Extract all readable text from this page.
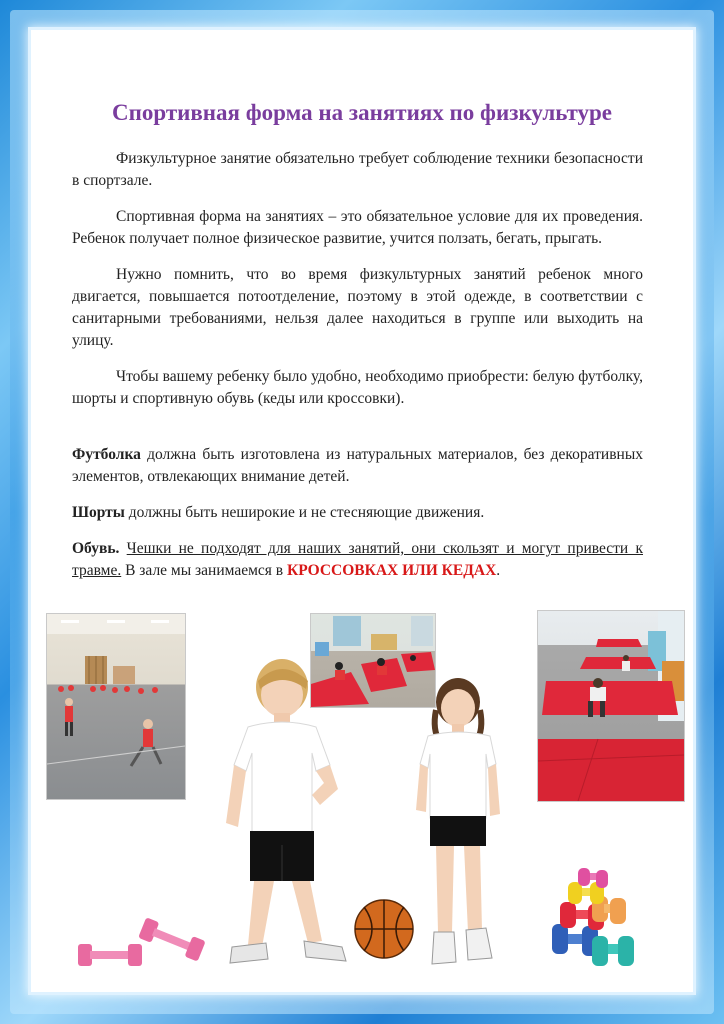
Спортивная форма на занятиях по физкультуре

Физкультурное занятие обязательно требует соблюдение техники безопасности в спортзале.

Спортивная форма на занятиях – это обязательное условие для их проведения. Ребенок получает полное физическое развитие, учится ползать, бегать, прыгать.

Нужно помнить, что во время физкультурных занятий ребенок много двигается, повышается потоотделение, поэтому в этой одежде, в соответствии с санитарными требованиями, нельзя далее находиться в группе или выходить на улицу.

Чтобы вашему ребенку было удобно, необходимо приобрести: белую футболку, шорты и спортивную обувь (кеды или кроссовки).

Футболка должна быть изготовлена из натуральных материалов, без декоративных элементов, отвлекающих внимание детей.

Шорты должны быть неширокие и не стесняющие движения.

Обувь. Чешки не подходят для наших занятий, они скользят и могут привести к травме. В зале мы занимаемся в КРОССОВКАХ ИЛИ КЕДАХ.
